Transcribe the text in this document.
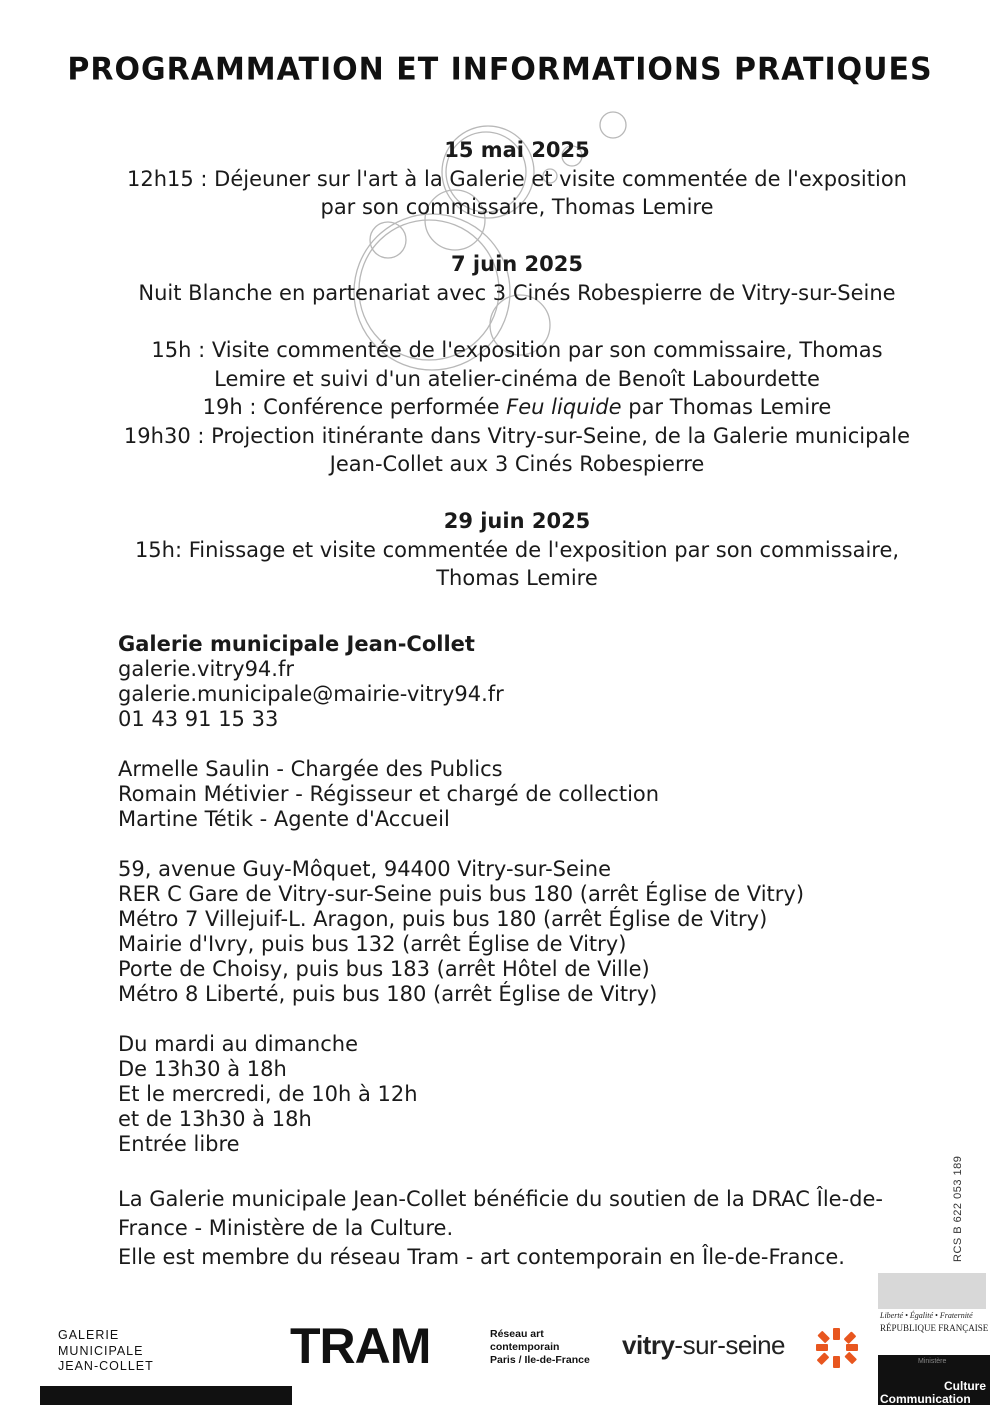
PROGRAMMATION ET INFORMATIONS PRATIQUES
15 mai 2025
12h15 : Déjeuner sur l'art à la Galerie et visite commentée de l'exposition
par son commissaire, Thomas Lemire
7 juin 2025
Nuit Blanche en partenariat avec 3 Cinés Robespierre de Vitry-sur-Seine
15h : Visite commentée de l'exposition par son commissaire, Thomas
Lemire et suivi d'un atelier-cinéma de Benoît Labourdette
19h : Conférence performée Feu liquide par Thomas Lemire
19h30 : Projection itinérante dans Vitry-sur-Seine, de la Galerie municipale
Jean-Collet aux 3 Cinés Robespierre
29 juin 2025
15h: Finissage et visite commentée de l'exposition par son commissaire,
Thomas Lemire
Galerie municipale Jean-Collet
galerie.vitry94.fr
galerie.municipale@mairie-vitry94.fr
01 43 91 15 33
Armelle Saulin - Chargée des Publics
Romain Métivier - Régisseur et chargé de collection
Martine Tétik - Agente d'Accueil
59, avenue Guy-Môquet, 94400 Vitry-sur-Seine
RER C Gare de Vitry-sur-Seine puis bus 180 (arrêt Église de Vitry)
Métro 7 Villejuif-L. Aragon, puis bus 180 (arrêt Église de Vitry)
Mairie d'Ivry, puis bus 132 (arrêt Église de Vitry)
Porte de Choisy, puis bus 183 (arrêt Hôtel de Ville)
Métro 8 Liberté, puis bus 180 (arrêt Église de Vitry)
Du mardi au dimanche
De 13h30 à 18h
Et le mercredi, de 10h à 12h
et de 13h30 à 18h
Entrée libre
La Galerie municipale Jean-Collet bénéficie du soutien de la DRAC Île-de-
France - Ministère de la Culture.
Elle est membre du réseau Tram - art contemporain en Île-de-France.	RCS B 622 053 189
GALERIE
MUNICIPALE
JEAN-COLLET	TRAM	Réseau art
contemporain
Paris / Ile-de-France vitry-sur-seine
Liberté • Égalité • Fraternité
RÉPUBLIQUE FRANÇAISE
Ministère
Culture
Communication
